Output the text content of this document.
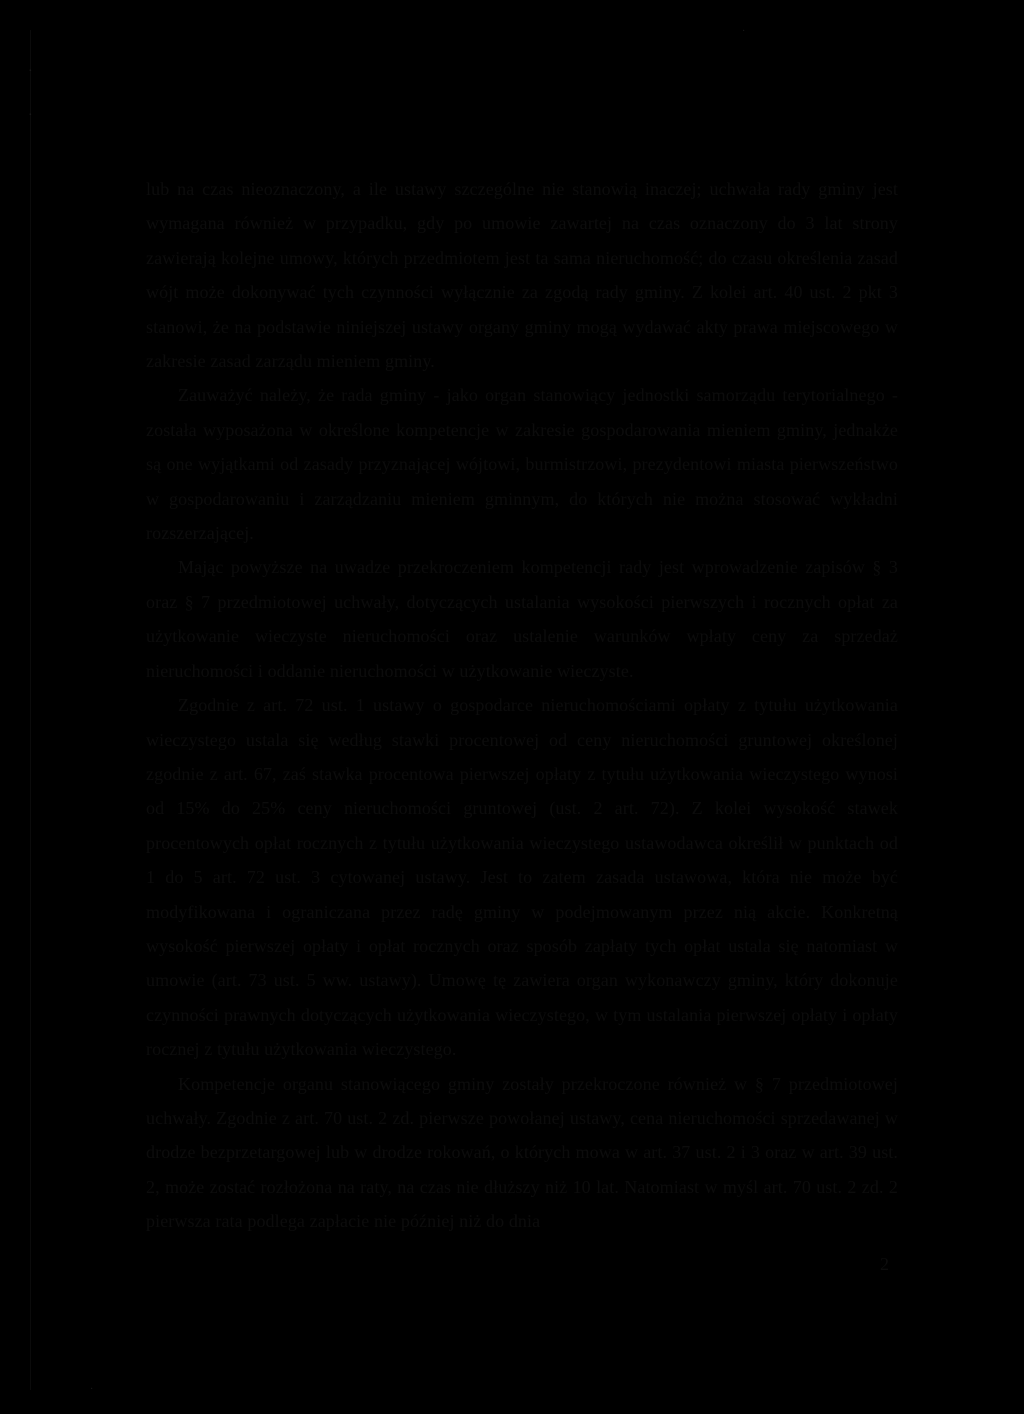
·
·
·
·

lub na czas nieoznaczony, a ile ustawy szczególne nie stanowią inaczej; uchwała rady gminy jest wymagana również w przypadku, gdy po umowie zawartej na czas oznaczony do 3 lat strony zawierają kolejne umowy, których przedmiotem jest ta sama nieruchomość; do czasu określenia zasad wójt może dokonywać tych czynności wyłącznie za zgodą rady gminy. Z kolei art. 40 ust. 2 pkt 3 stanowi, że na podstawie niniejszej ustawy organy gminy mogą wydawać akty prawa miejscowego w zakresie zasad zarządu mieniem gminy.

Zauważyć należy, że rada gminy - jako organ stanowiący jednostki samorządu terytorialnego - została wyposażona w określone kompetencje w zakresie gospodarowania mieniem gminy, jednakże są one wyjątkami od zasady przyznającej wójtowi, burmistrzowi, prezydentowi miasta pierwszeństwo w gospodarowaniu i zarządzaniu mieniem gminnym, do których nie można stosować wykładni rozszerzającej.

Mając powyższe na uwadze przekroczeniem kompetencji rady jest wprowadzenie zapisów § 3 oraz § 7 przedmiotowej uchwały, dotyczących ustalania wysokości pierwszych i rocznych opłat za użytkowanie wieczyste nieruchomości oraz ustalenie warunków wpłaty ceny za sprzedaż nieruchomości i oddanie nieruchomości w użytkowanie wieczyste.

Zgodnie z art. 72 ust. 1 ustawy o gospodarce nieruchomościami opłaty z tytułu użytkowania wieczystego ustala się według stawki procentowej od ceny nieruchomości gruntowej określonej zgodnie z art. 67, zaś stawka procentowa pierwszej opłaty z tytułu użytkowania wieczystego wynosi od 15% do 25% ceny nieruchomości gruntowej (ust. 2 art. 72). Z kolei wysokość stawek procentowych opłat rocznych z tytułu użytkowania wieczystego ustawodawca określił w punktach od 1 do 5 art. 72 ust. 3 cytowanej ustawy. Jest to zatem zasada ustawowa, która nie może być modyfikowana i ograniczana przez radę gminy w podejmowanym przez nią akcie. Konkretną wysokość pierwszej opłaty i opłat rocznych oraz sposób zapłaty tych opłat ustala się natomiast w umowie (art. 73 ust. 5 ww. ustawy). Umowę tę zawiera organ wykonawczy gminy, który dokonuje czynności prawnych dotyczących użytkowania wieczystego, w tym ustalania pierwszej opłaty i opłaty rocznej z tytułu użytkowania wieczystego.

Kompetencje organu stanowiącego gminy zostały przekroczone również w § 7 przedmiotowej uchwały. Zgodnie z art. 70 ust. 2 zd. pierwsze powołanej ustawy, cena nieruchomości sprzedawanej w drodze bezprzetargowej lub w drodze rokowań, o których mowa w art. 37 ust. 2 i 3 oraz w art. 39 ust. 2, może zostać rozłożona na raty, na czas nie dłuższy niż 10 lat. Natomiast w myśl art. 70 ust. 2 zd. 2 pierwsza rata podlega zapłacie nie później niż do dnia

2
